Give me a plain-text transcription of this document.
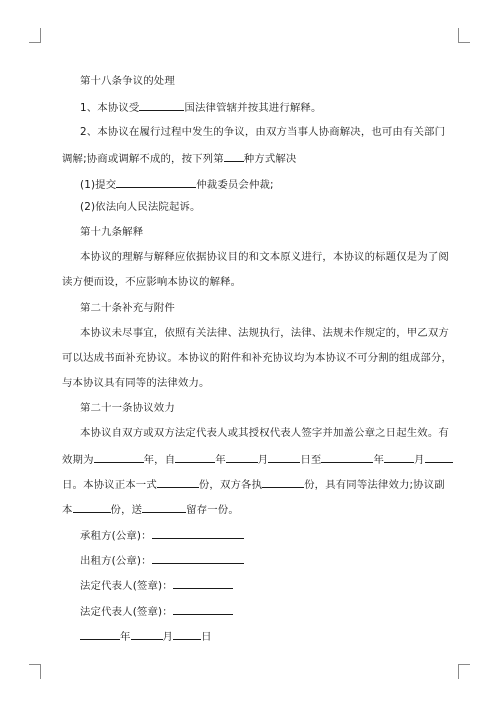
第十八条争议的处理
1、本协议受	国法律管辖并按其进行解释。
2、本协议在履行过程中发生的争议，由双方当事人协商解决，也可由有关部门
调解;协商或调解不成的，按下列第 种方式解决
(1)提交	仲裁委员会仲裁;
(2)依法向人民法院起诉。
第十九条解释
本协议的理解与解释应依据协议目的和文本原义进行，本协议的标题仅是为了阅
读方便而设，不应影响本协议的解释。
第二十条补充与附件
本协议未尽事宜，依照有关法律、法规执行，法律、法规未作规定的，甲乙双方
可以达成书面补充协议。本协议的附件和补充协议均为本协议不可分割的组成部分，
与本协议具有同等的法律效力。
第二十一条协议效力
本协议自双方或双方法定代表人或其授权代表人签字并加盖公章之日起生效。有
效期为	年，自	年	月	日至	年	月
日。本协议正本一式	份，双方各执	份，具有同等法律效力;协议副
本	份，送	留存一份。
承租方(公章)：
出租方(公章)：
法定代表人(签章)：
法定代表人(签章)：
年	月	日
